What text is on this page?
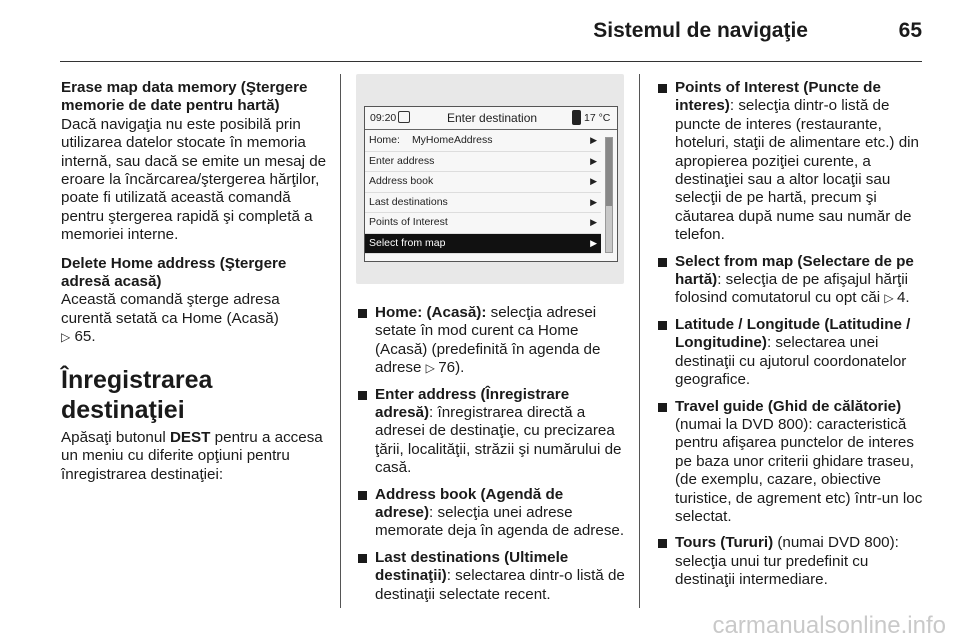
Sistemul de navigaţie	65

Erase map data memory (Ştergere memorie de date pentru hartă)

Dacă navigaţia nu este posibilă prin utilizarea datelor stocate în memoria internă, sau dacă se emite un mesaj de eroare la încărcarea/ştergerea hărţilor, poate fi utilizată această comandă pentru ştergerea rapidă şi completă a memoriei interne.

Delete Home address (Ştergere adresă acasă)

Această comandă şterge adresa curentă setată ca Home (Acasă)
▷ 65.

Înregistrarea destinaţiei

Apăsaţi butonul DEST pentru a accesa un meniu cu diferite opţiuni pentru înregistrarea destinaţiei:

09:20	Enter destination	17 °C
Home: MyHomeAddress	▶
Enter address	▶
Address book	▶
Last destinations	▶
Points of Interest	▶
Select from map	▶
Home: (Acasă): selecţia adresei setate în mod curent ca Home (Acasă) (predefinită în agenda de adrese ▷ 76).
Enter address (Înregistrare adresă): înregistrarea directă a adresei de destinaţie, cu precizarea ţării, localităţii, străzii şi numărului de casă.
Address book (Agendă de adrese): selecţia unei adrese memorate deja în agenda de adrese.
Last destinations (Ultimele destinaţii): selectarea dintr-o listă de destinaţii selectate recent.
Points of Interest (Puncte de interes): selecţia dintr-o listă de puncte de interes (restaurante, hoteluri, staţii de alimentare etc.) din apropierea poziţiei curente, a destinaţiei sau a altor locaţii sau selecţii de pe hartă, precum şi căutarea după nume sau număr de telefon.
Select from map (Selectare de pe hartă): selecţia de pe afişajul hărţii folosind comutatorul cu opt căi ▷ 4.
Latitude / Longitude (Latitudine / Longitudine): selectarea unei destinaţii cu ajutorul coordonatelor geografice.
Travel guide (Ghid de călătorie) (numai la DVD 800): caracteristică pentru afişarea punctelor de interes pe baza unor criterii ghidare traseu, (de exemplu, cazare, obiective turistice, de agrement etc) într-un loc selectat.
Tours (Tururi) (numai DVD 800): selecţia unui tur predefinit cu destinaţii intermediare.
carmanualsonline.info
